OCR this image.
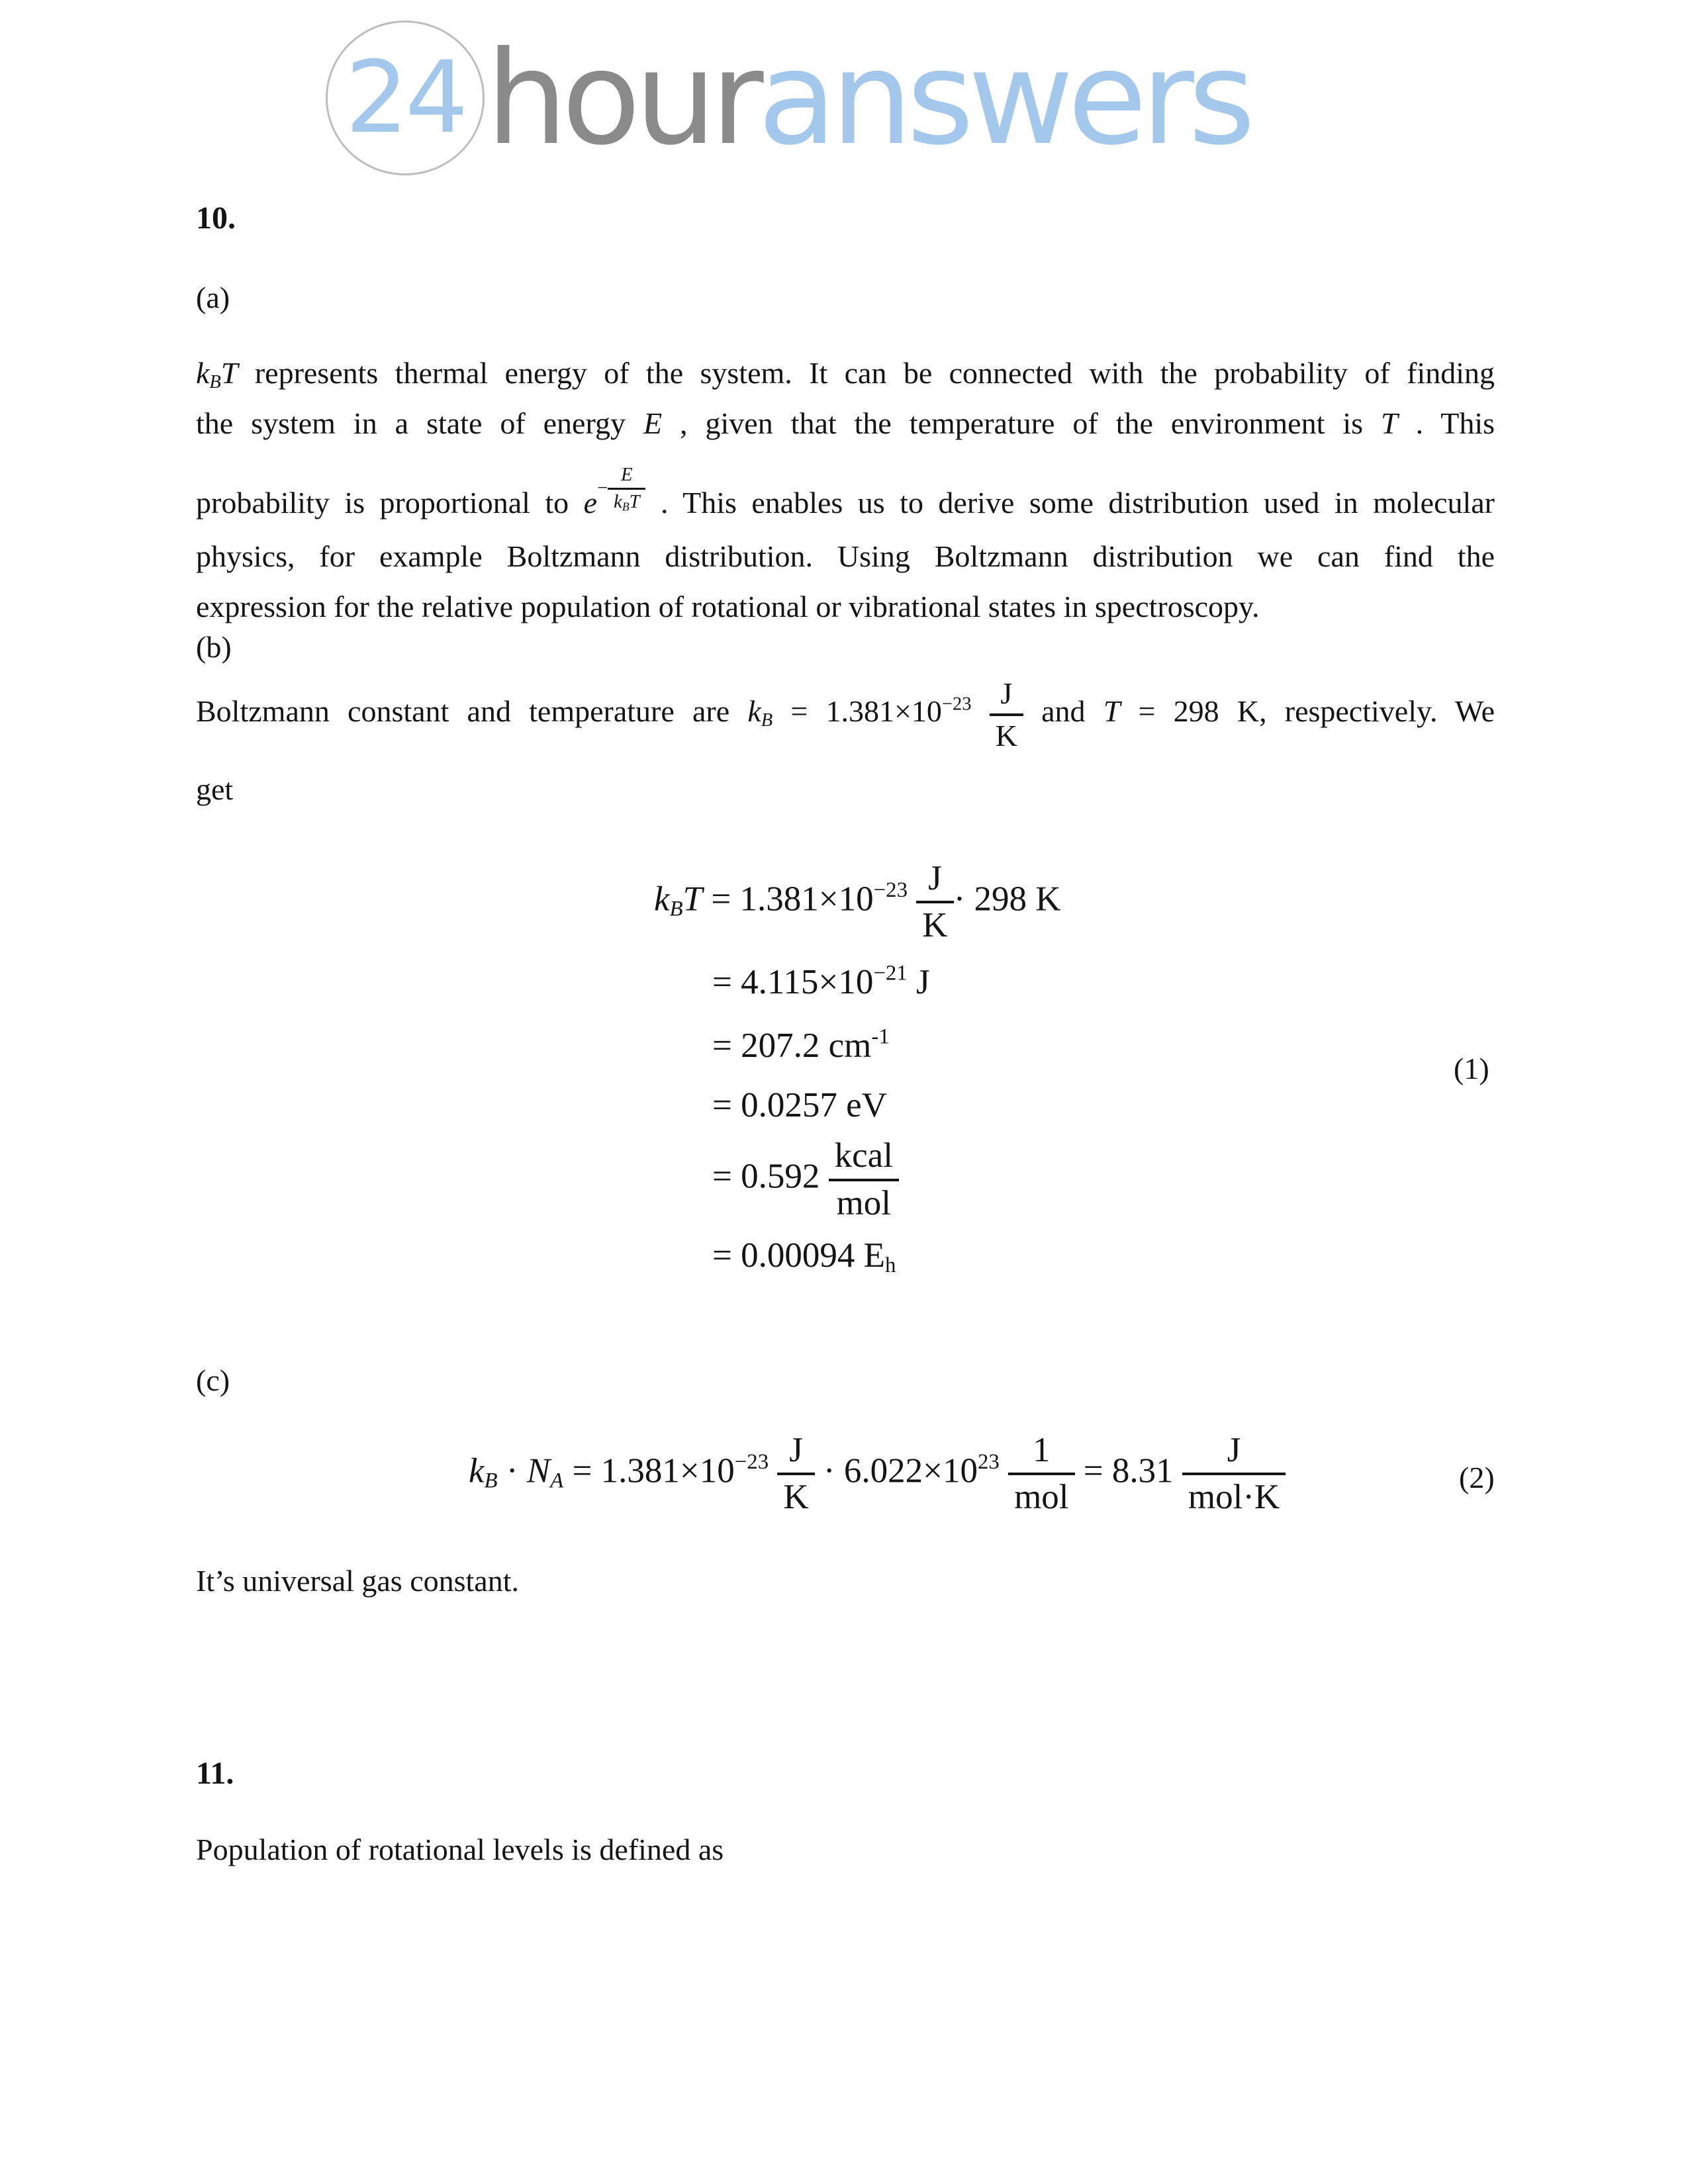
24 houranswers
10.
(a)
$k_BT$ represents thermal energy of the system. It can be connected with the probability of finding
the system in a state of energy E , given that the temperature of the environment is T . This
probability is proportional to $e - \frac{E}{k_BT}$ . This enables us to derive some distribution used in molecular
physics, for example Boltzmann distribution. Using Boltzmann distribution we can find the
expression for the relative population of rotational or vibrational states in spectroscopy.
(b)
Boltzmann constant and temperature are $k_B = 1.381\times 10^{-23} \frac{J}{K}$ and T = 298 K, respectively. We
get
$k_BT = 1.381\times 10^{-23} \frac{J}{K} \cdot 298$ K
= $4.115\times 10^{-21}$ J
= 207.2 $cm^{-1}$
= 0.0257 eV
= $0.592 \frac{\text{kcal}}{\text{mol}}$
= 0.00094 $E_h$
(1)
(c)
$k_B \cdot N_A = 1.381\times 10^{-23} \frac{J}{K} \cdot 6.022\times 10^{23} \frac{1}{\text{mol}} = 8.31 \frac{J}{\text{mol·K}}$	(2)
It’s universal gas constant.
11.
Population of rotational levels is defined as
